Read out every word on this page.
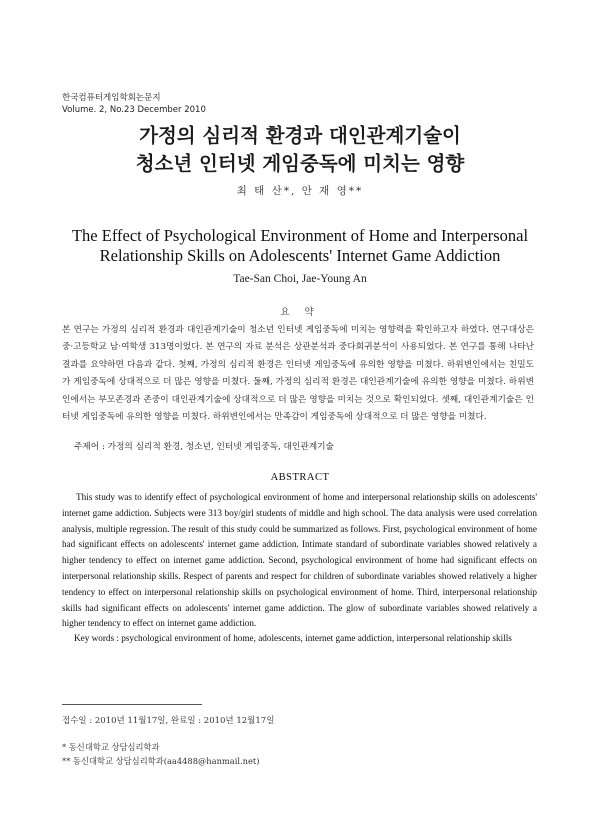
한국컴퓨터게임학회논문지
Volume. 2, No.23 December 2010
가정의 심리적 환경과 대인관계기술이
청소년 인터넷 게임중독에 미치는 영향
최 태 산*, 안 재 영**
The Effect of Psychological Environment of Home and Interpersonal
Relationship Skills on Adolescents' Internet Game Addiction
Tae-San Choi, Jae-Young An
요 약

본 연구는 가정의 심리적 환경과 대인관계기술이 청소년 인터넷 게임중독에 미치는 영향력을 확인하고자 하였다. 연구대상은 중·고등학교 남·여학생 313명이었다. 본 연구의 자료 분석은 상관분석과 중다회귀분석이 사용되었다. 본 연구를 통해 나타난 결과를 요약하면 다음과 같다. 첫째, 가정의 심리적 환경은 인터넷 게임중독에 유의한 영향을 미쳤다. 하위변인에서는 친밀도가 게임중독에 상대적으로 더 많은 영향을 미쳤다. 둘째, 가정의 심리적 환경은 대인관계기술에 유의한 영향을 미쳤다. 하위변인에서는 부모존경과 존중이 대인관계기술에 상대적으로 더 많은 영향을 미치는 것으로 확인되었다. 셋째, 대인관계기술은 인터넷 게임중독에 유의한 영향을 미쳤다. 하위변인에서는 만족감이 게임중독에 상대적으로 더 많은 영향을 미쳤다.

주제어 : 가정의 심리적 환경, 청소년, 인터넷 게임중독, 대인관계기술
ABSTRACT

This study was to identify effect of psychological environment of home and interpersonal relationship skills on adolescents' internet game addiction. Subjects were 313 boy/girl students of middle and high school. The data analysis were used correlation analysis, multiple regression. The result of this study could be summarized as follows. First, psychological environment of home had significant effects on adolescents' internet game addiction. Intimate standard of subordinate variables showed relatively a higher tendency to effect on internet game addiction. Second, psychological environment of home had significant effects on interpersonal relationship skills. Respect of parents and respect for children of subordinate variables showed relatively a higher tendency to effect on interpersonal relationship skills on psychological environment of home. Third, interpersonal relationship skills had significant effects on adolescents' internet game addiction. The glow of subordinate variables showed relatively a higher tendency to effect on internet game addiction.

Key words : psychological environment of home, adolescents, internet game addiction, interpersonal relationship skills
접수일 : 2010년 11월17일, 완료일 : 2010년 12월17일
* 동신대학교 상담심리학과
** 동신대학교 상담심리학과(aa4488@hanmail.net)
